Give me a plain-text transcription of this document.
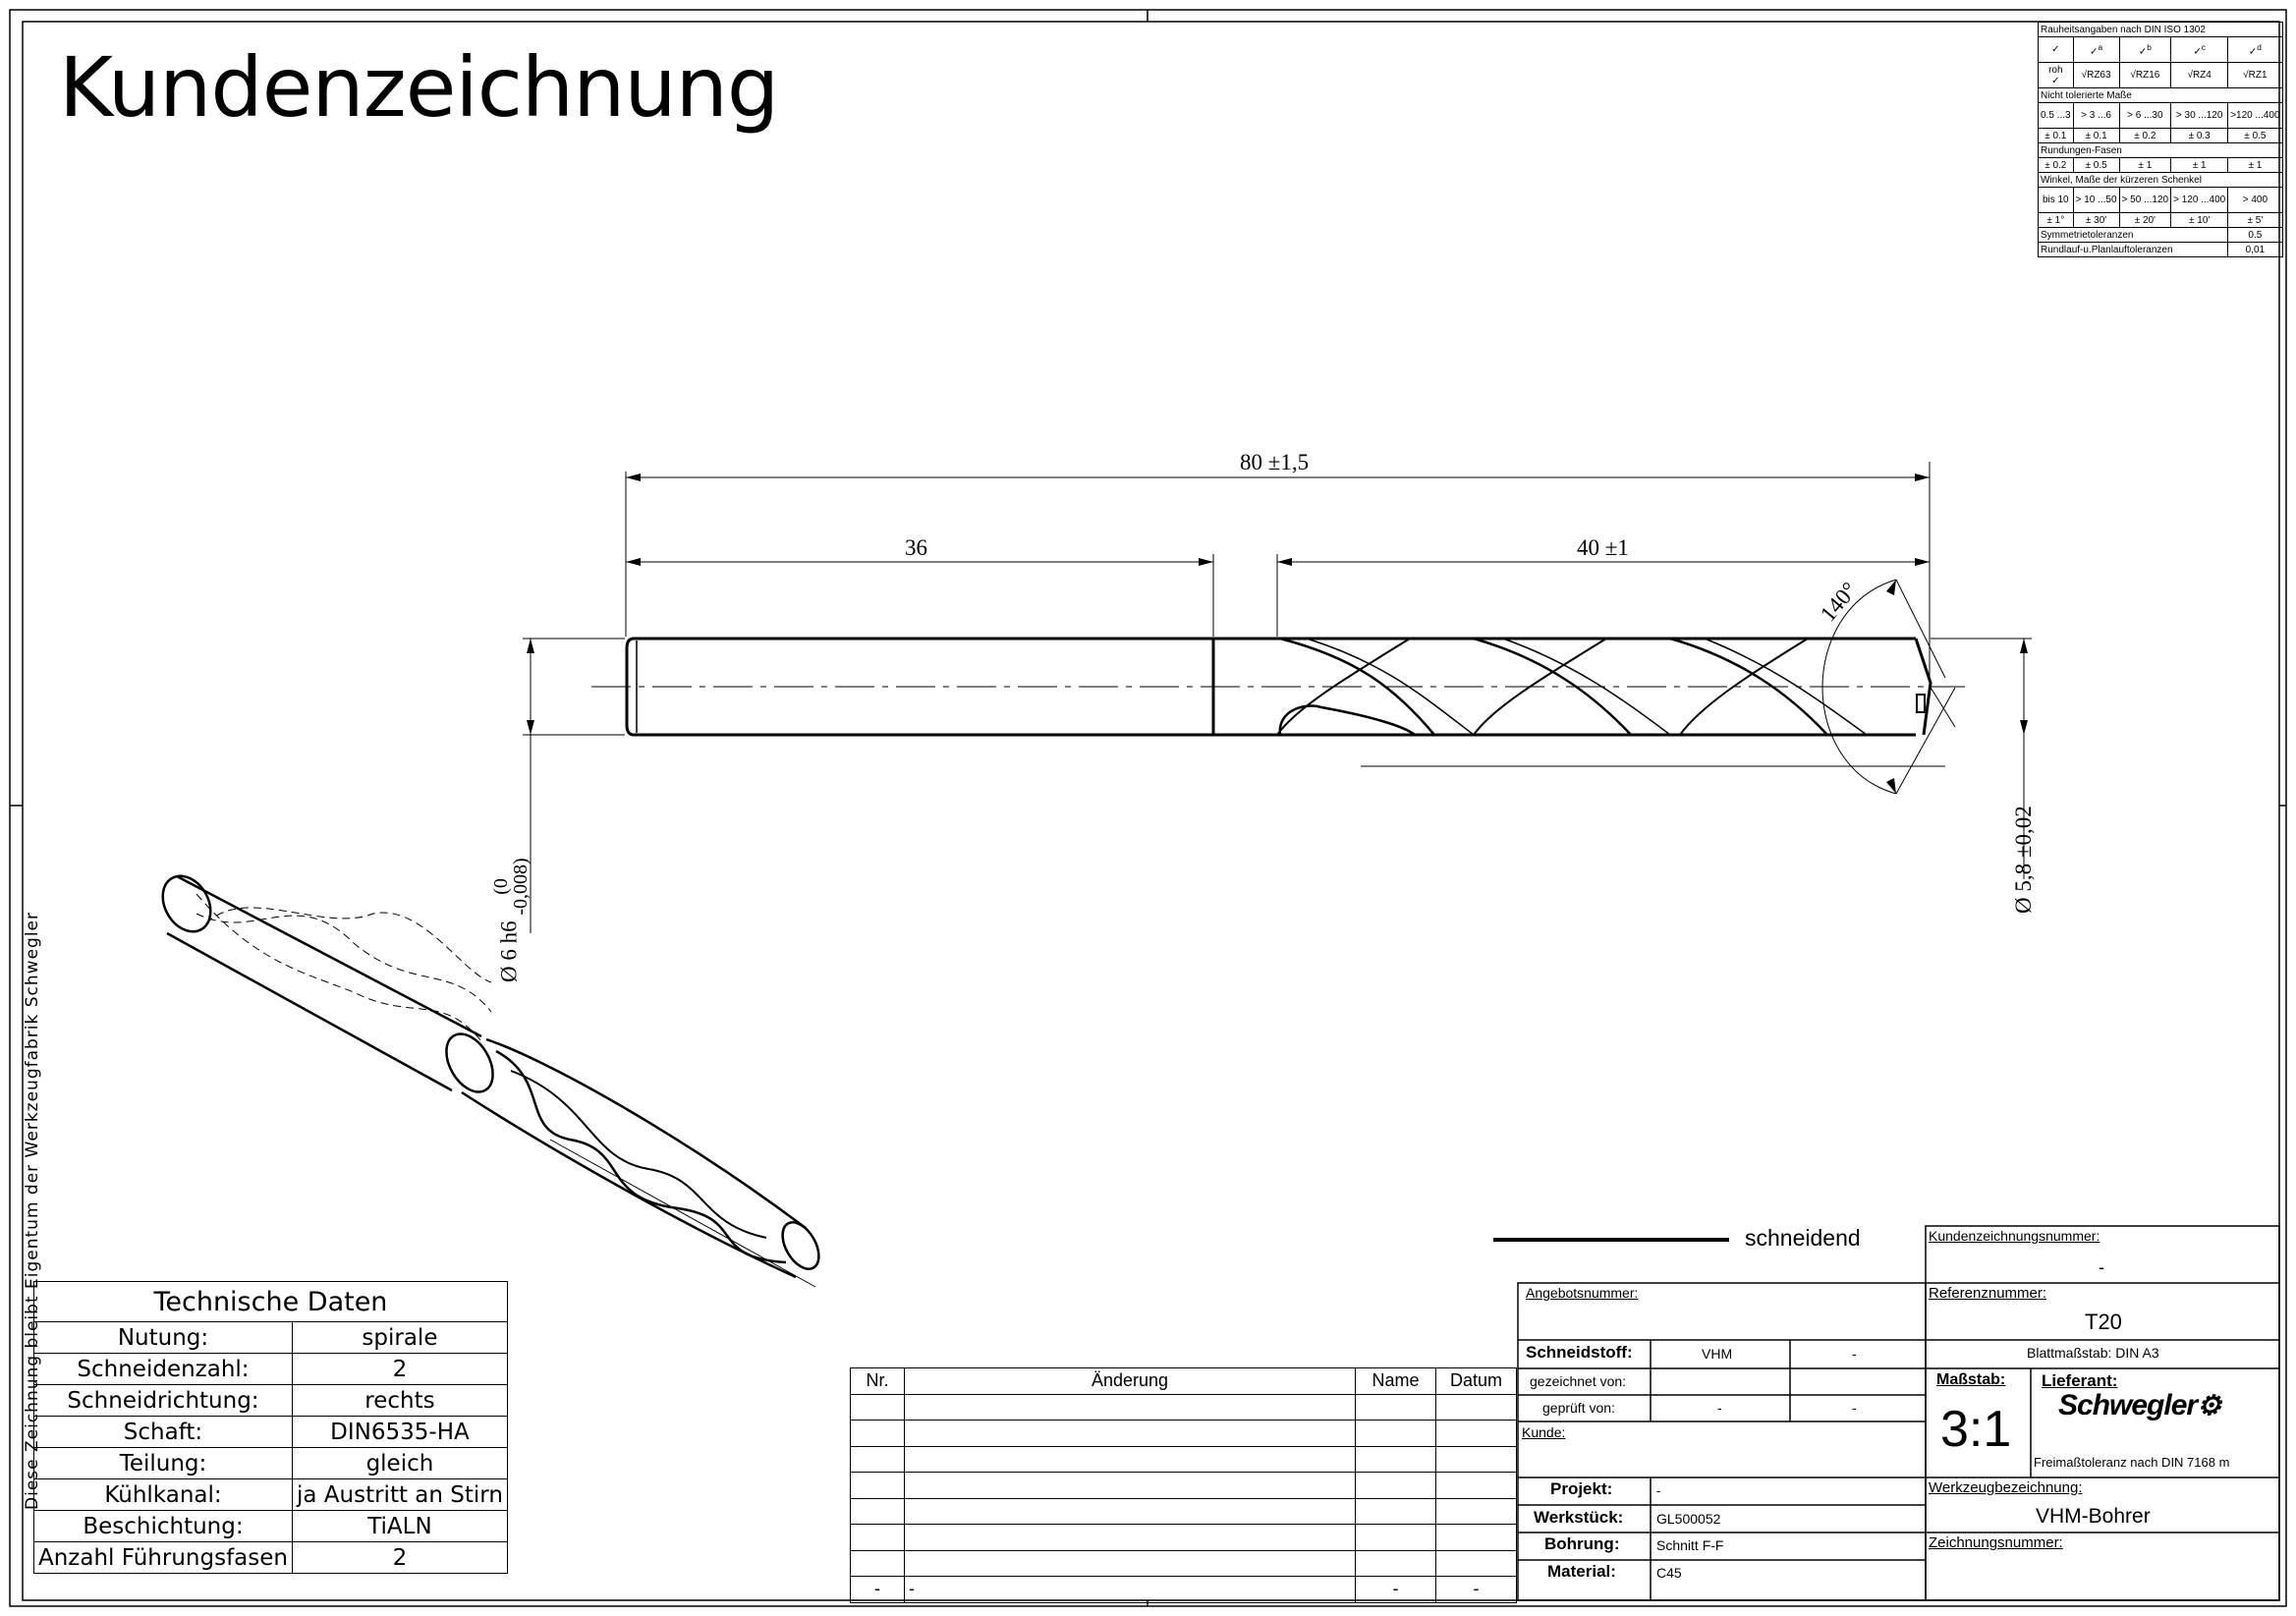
Kundenzeichnung
Diese Zeichnung bleibt Eigentum der Werkzeugfabrik Schwegler
80 ±1,5
36	40 ±1
140°
Ø 6 h6 (0
-0,008)	Ø 5,8 ±0,02
schneidend
Rauheitsangaben nach DIN ISO 1302				
✓	✓$^a$	✓$^b$	✓$^c$	✓$^d$
roh
✓	√RZ63	√RZ16	√RZ4	√RZ1
Nicht tolerierte Maße				
0.5 ...3	> 3 ...6	> 6 ...30	> 30 ...120	>120 ...400
± 0.1	± 0.1	± 0.2	± 0.3	± 0.5
Rundungen-Fasen				
± 0.2	± 0.5	± 1	± 1	± 1
Winkel, Maße der kürzeren Schenkel				
bis 10	> 10 ...50	> 50 ...120	> 120 ...400	> 400
± 1°	± 30'	± 20'	± 10'	± 5'
Symmetrietoleranzen				0.5
Rundlauf-u.Planlauftoleranzen				0,01
Technische Daten	
Nutung:	spirale
Schneidenzahl:	2
Schneidrichtung:	rechts
Schaft:	DIN6535-HA
Teilung:	gleich
Kühlkanal:	ja Austritt an Stirn
Beschichtung:	TiALN
Anzahl Führungsfasen	2
Nr.	Änderung	Name	Datum

-	-	-	-
Kundenzeichnungsnummer:
-
Referenznummer:
T20
Blattmaßstab: DIN A3
Maßstab:
3:1
Lieferant:
Schwegler⚙
Freimaßtoleranz nach DIN 7168 m
Werkzeugbezeichnung:
VHM-Bohrer
Zeichnungsnummer:
Angebotsnummer:
Schneidstoff:	VHM	-
gezeichnet von:
geprüft von:	-	-
Kunde:
Projekt:	-
Werkstück: GL500052
Bohrung:	Schnitt F-F
Material:	C45
